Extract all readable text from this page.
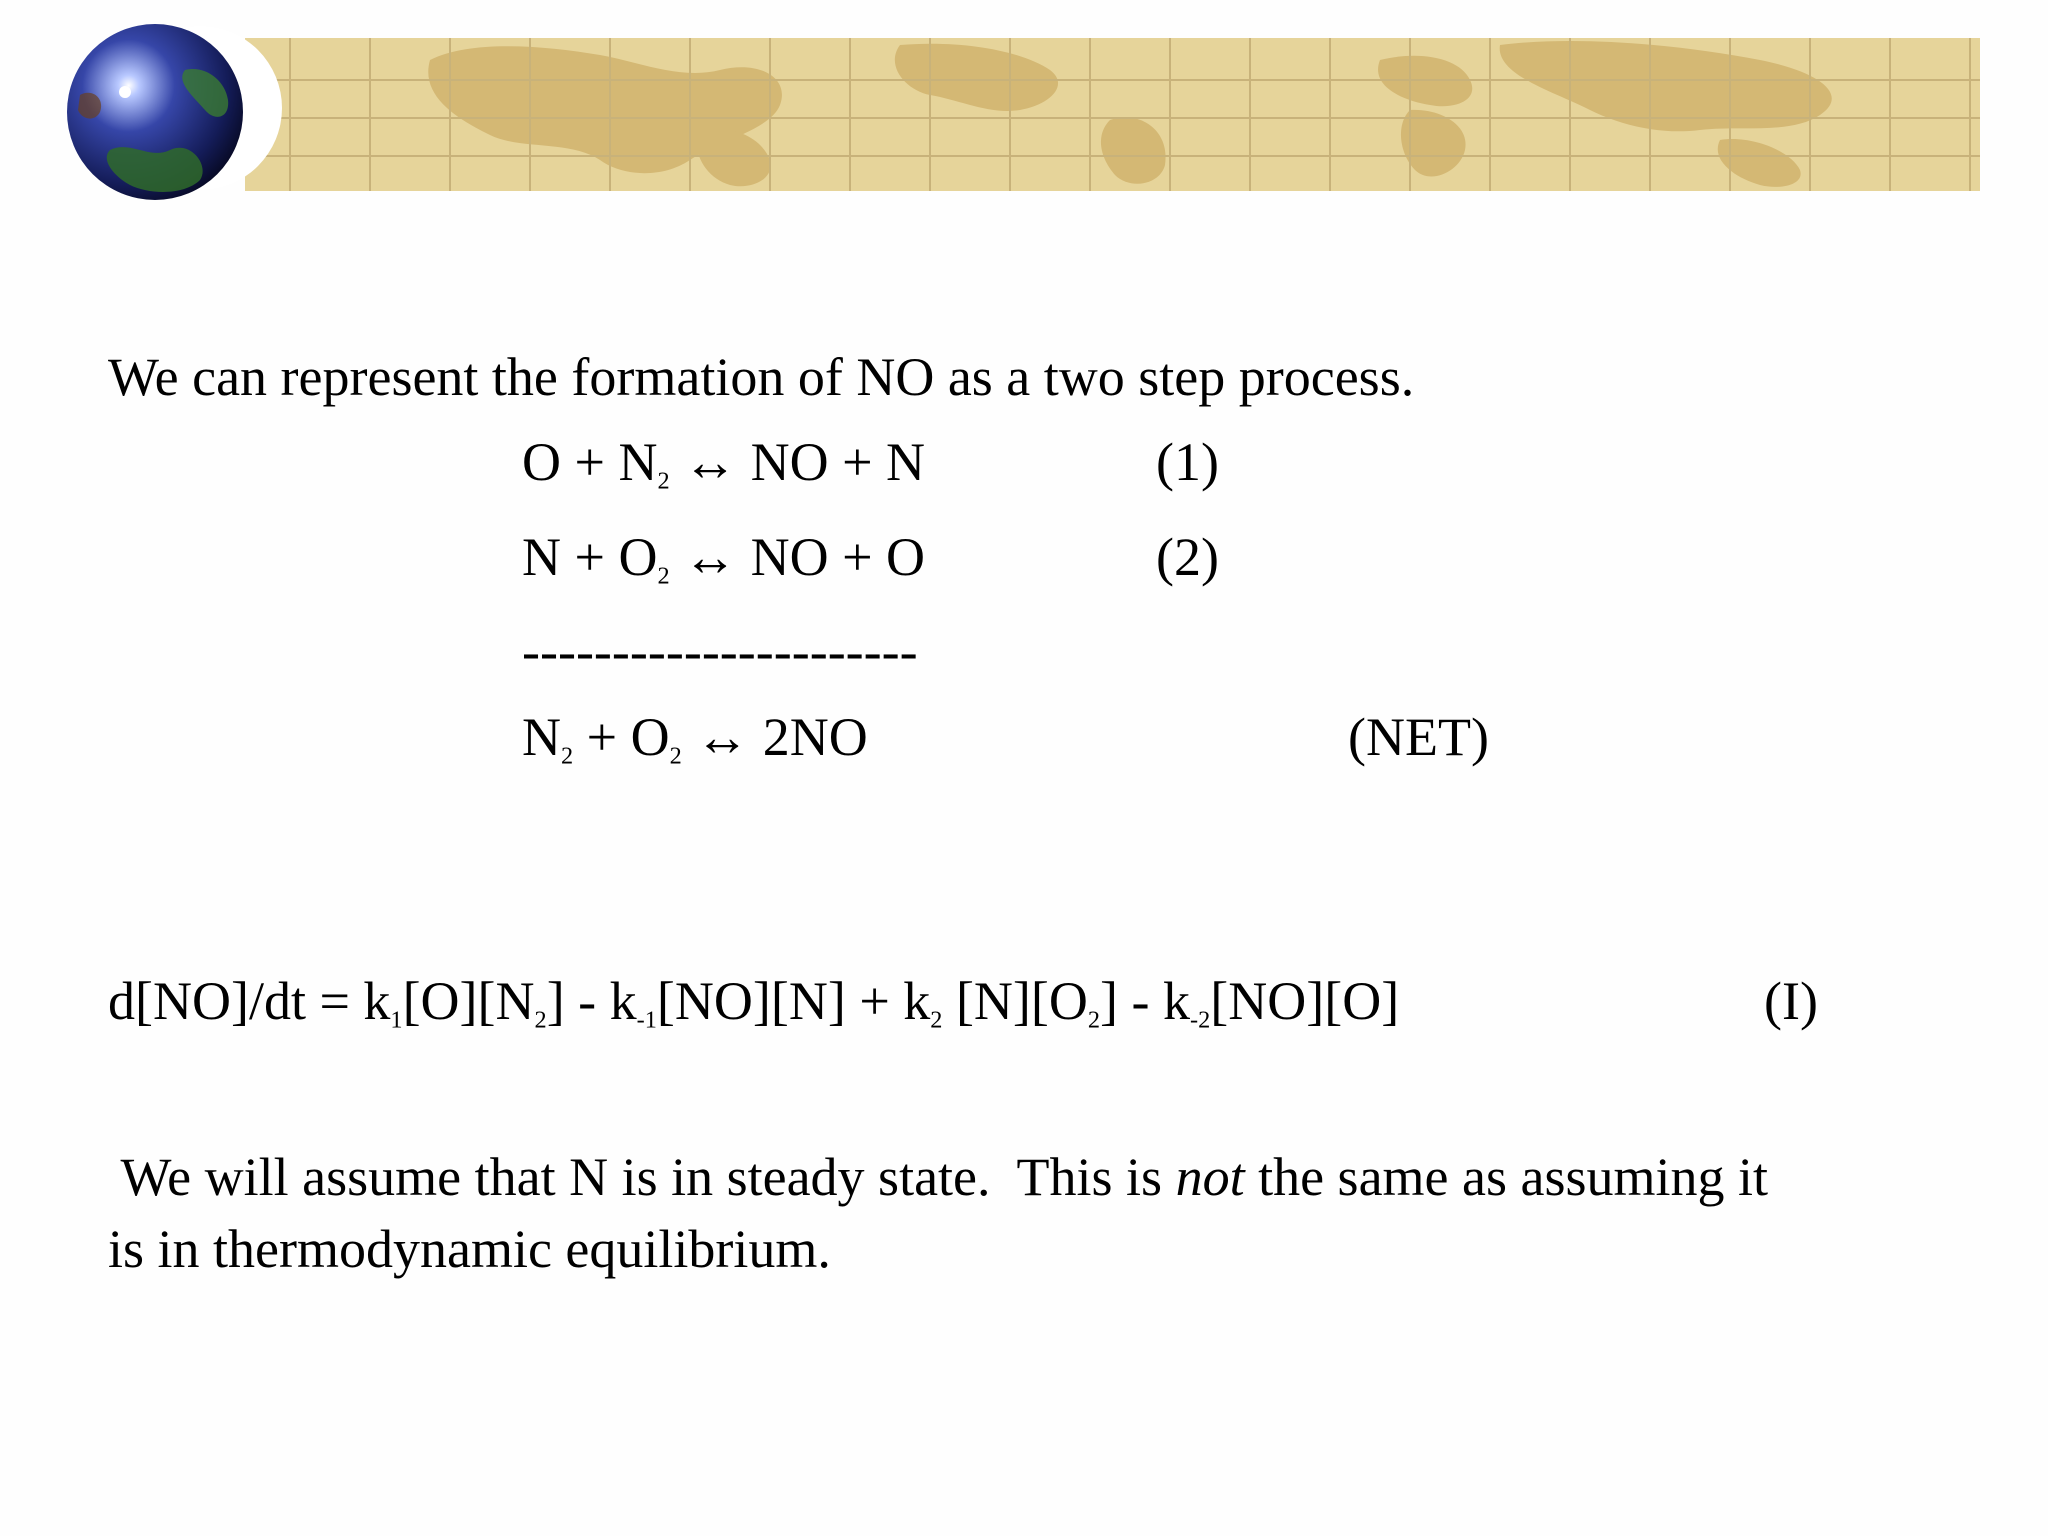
We can represent the formation of NO as a two step process.

$O + N_2$ ↔ NO + N	(1)
$N + O_2$ ↔ NO + O	(2)
----------------------
$N_2 + O_2$ ↔ 2NO	(NET)
$d[NO]/dt = k_1[O][N_2] - k_{-1}[NO][N] + k_2$ $[N][O_2] - k_{-2}[NO][O]$	(I)
We will assume that N is in steady state.  This is not the same as assuming it
is in thermodynamic equilibrium.
